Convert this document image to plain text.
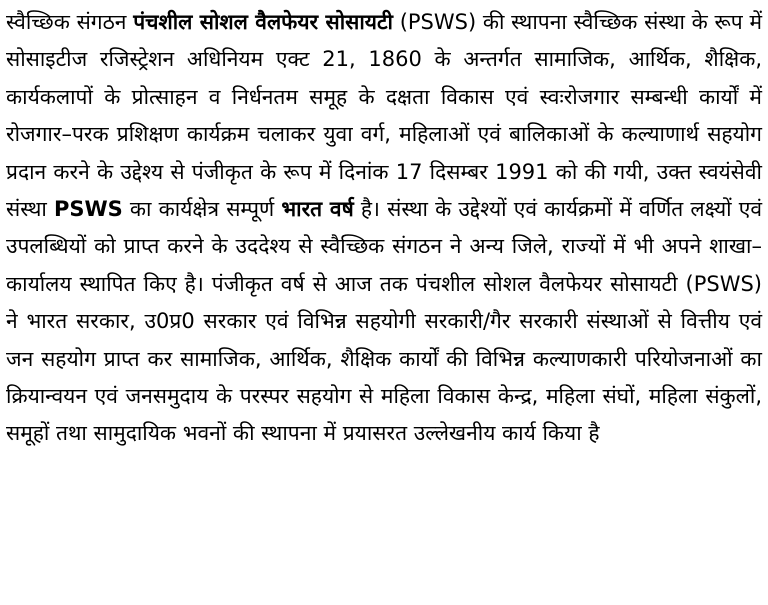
स्वैच्छिक संगठन पंचशील सोशल वैलफेयर सोसायटी (PSWS) की स्थापना स्वैच्छिक संस्था के रूप में सोसाइटीज रजिस्ट्रेशन अधिनियम एक्ट 21, 1860 के अन्तर्गत सामाजिक, आर्थिक, शैक्षिक, कार्यकलापों के प्रोत्साहन व निर्धनतम समूह के दक्षता विकास एवं स्वःरोजगार सम्बन्धी कार्यों में रोजगार–परक प्रशिक्षण कार्यक्रम चलाकर युवा वर्ग, महिलाओं एवं बालिकाओं के कल्याणार्थ सहयोग प्रदान करने के उद्देश्य से पंजीकृत के रूप में दिनांक 17 दिसम्बर 1991 को की गयी, उक्त स्वयंसेवी संस्था PSWS का कार्यक्षेत्र सम्पूर्ण भारत वर्ष है। संस्था के उद्देश्यों एवं कार्यक्रमों में वर्णित लक्ष्यों एवं उपलब्धियों को प्राप्त करने के उददेश्य से स्वैच्छिक संगठन ने अन्य जिले, राज्यों में भी अपने शाखा–कार्यालय स्थापित किए है। पंजीकृत वर्ष से आज तक पंचशील सोशल वैलफेयर सोसायटी (PSWS) ने भारत सरकार, उ0प्र0 सरकार एवं विभिन्न सहयोगी सरकारी/गैर सरकारी संस्थाओं से वित्तीय एवं जन सहयोग प्राप्त कर सामाजिक, आर्थिक, शैक्षिक कार्यों की विभिन्न कल्याणकारी परियोजनाओं का क्रियान्वयन एवं जनसमुदाय के परस्पर सहयोग से महिला विकास केन्द्र, महिला संघों, महिला संकुलों, समूहों तथा सामुदायिक भवनों की स्थापना में प्रयासरत उल्लेखनीय कार्य किया है
